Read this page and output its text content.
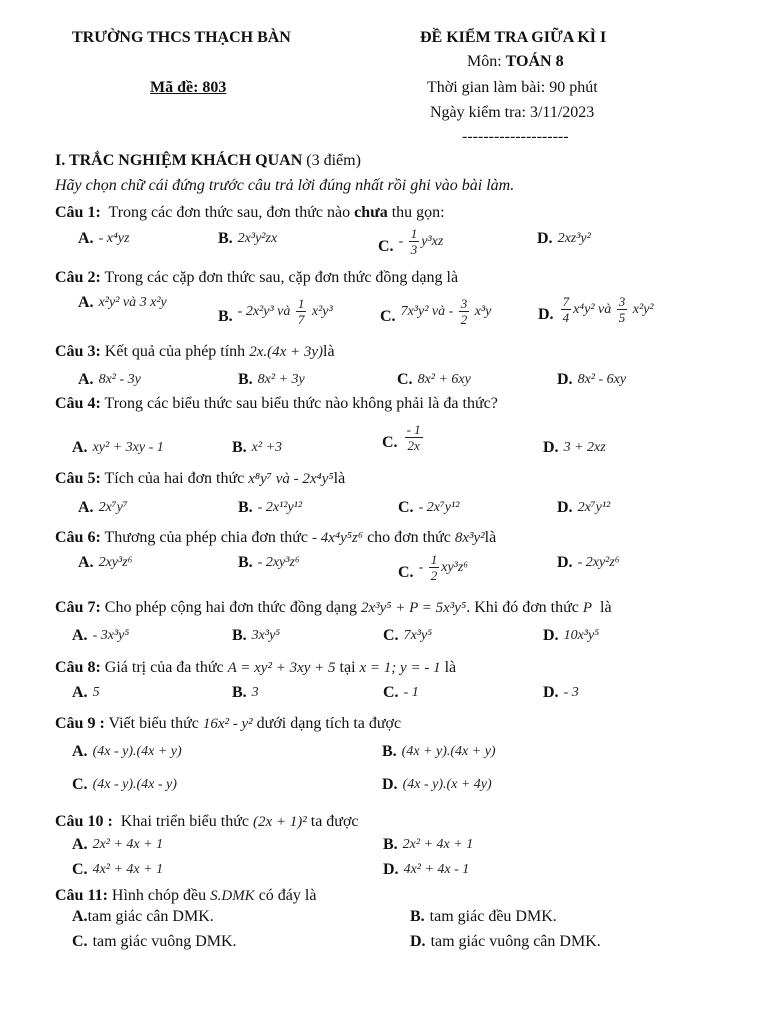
TRƯỜNG THCS THẠCH BÀN	ĐỀ KIỂM TRA GIỮA KÌ I
Môn: TOÁN 8
Mã đề: 803	Thời gian làm bài: 90 phút
Ngày kiểm tra: 3/11/2023
--------------------
I. TRẮC NGHIỆM KHÁCH QUAN (3 điểm)
Hãy chọn chữ cái đứng trước câu trả lời đúng nhất rồi ghi vào bài làm.
Câu 1:  Trong các đơn thức sau, đơn thức nào chưa thu gọn:
A. - x⁴yz	B. 2x³y²zx	C. - $\frac{1}{3} y^3xz$	D. 2xz³y²
Câu 2: Trong các cặp đơn thức sau, cặp đơn thức đồng dạng là
A. x²y² và 3 x²y
B. - 2x²y³ và $\frac{1}{7} x^2y^3$	C. 7x³y² và - $\frac{3}{2} x^3y$	D. $\frac{7}{4} x^4y^2$ và $\frac{3}{5} x^2y^2$
Câu 3: Kết quả của phép tính 2x.(4x + 3y)là
A. 8x² - 3y	B. 8x² + 3y	C. 8x² + 6xy	D. 8x² - 6xy
Câu 4: Trong các biểu thức sau biểu thức nào không phải là đa thức?
A. xy² + 3xy - 1	B. x² +3	C. $\frac{- 1}{2x}$	D. 3 + 2xz
Câu 5: Tích của hai đơn thức x⁸y⁷ và - 2x⁴y⁵là
A. 2x⁷y⁷	B. - 2x¹²y¹²	C. - 2x⁷y¹²	D. 2x⁷y¹²
Câu 6: Thương của phép chia đơn thức - 4x⁴y⁵z⁶ cho đơn thức 8x³y²là
A. 2xy³z⁶	B. - 2xy³z⁶
C. - $\frac{1}{2} xy^3z^6$	D. - 2xy²z⁶
Câu 7: Cho phép cộng hai đơn thức đồng dạng 2x³y⁵ + P = 5x³y⁵. Khi đó đơn thức P  là
A. - 3x³y⁵	B. 3x³y⁵	C. 7x³y⁵	D. 10x³y⁵
Câu 8: Giá trị của đa thức A = xy² + 3xy + 5 tại x = 1; y = - 1 là
A. 5	B. 3	C. - 1	D. - 3
Câu 9 : Viết biểu thức 16x² - y² dưới dạng tích ta được
A. (4x - y).(4x + y)	B. (4x + y).(4x + y)
C. (4x - y).(4x - y)	D. (4x - y).(x + 4y)
Câu 10 :  Khai triển biểu thức (2x + 1)² ta được
A. 2x² + 4x + 1	B. 2x² + 4x + 1
C. 4x² + 4x + 1	D. 4x² + 4x - 1
Câu 11: Hình chóp đều S.DMK có đáy là
A. tam giác cân DMK.	B. tam giác đều DMK.
C. tam giác vuông DMK.	D. tam giác vuông cân DMK.
